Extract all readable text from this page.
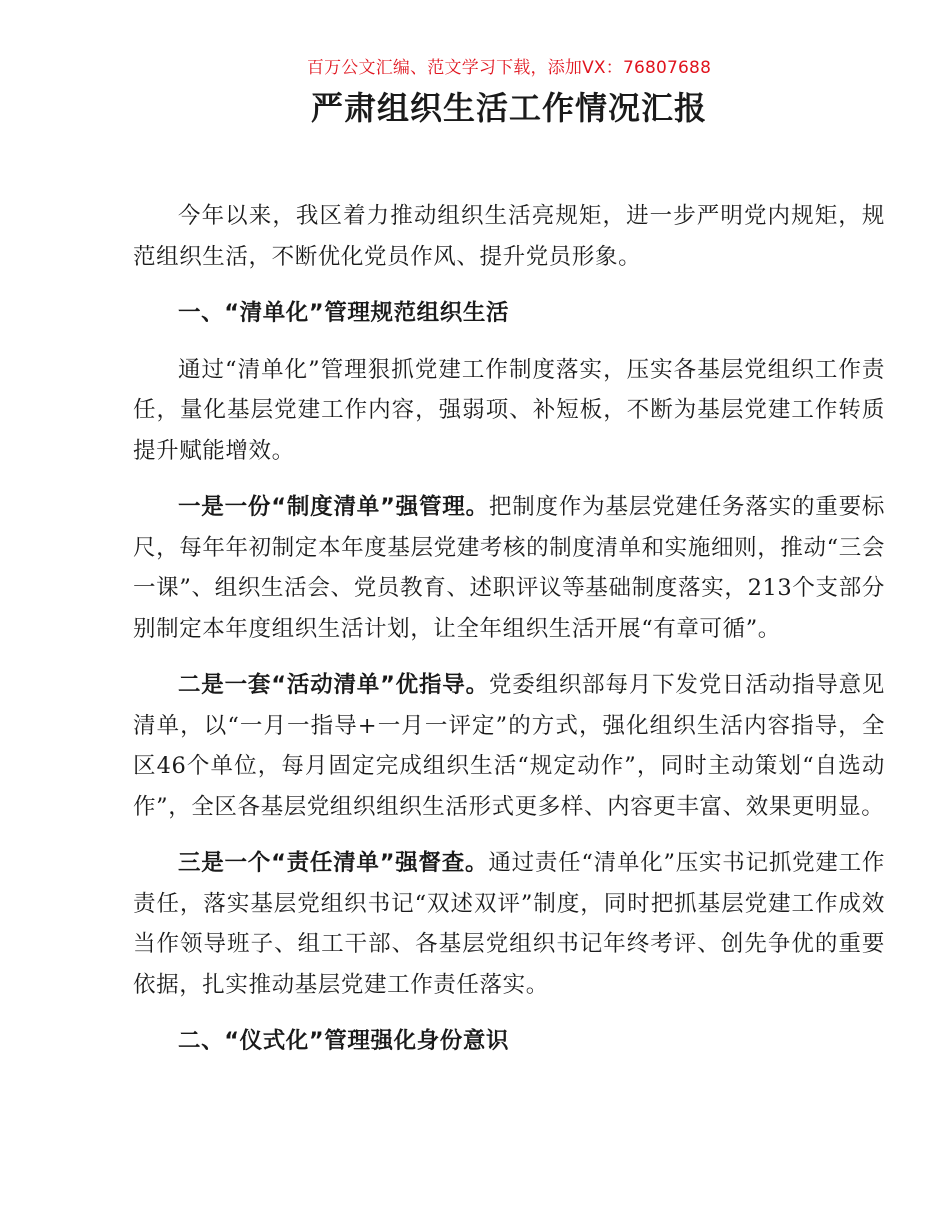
百万公文汇编、范文学习下载，添加VX：76807688
严肃组织生活工作情况汇报

今年以来，我区着力推动组织生活亮规矩，进一步严明党内规矩，规范组织生活，不断优化党员作风、提升党员形象。

一、“清单化”管理规范组织生活

通过“清单化”管理狠抓党建工作制度落实，压实各基层党组织工作责任，量化基层党建工作内容，强弱项、补短板，不断为基层党建工作转质提升赋能增效。

一是一份“制度清单”强管理。把制度作为基层党建任务落实的重要标尺，每年年初制定本年度基层党建考核的制度清单和实施细则，推动“三会一课”、组织生活会、党员教育、述职评议等基础制度落实，213个支部分别制定本年度组织生活计划，让全年组织生活开展“有章可循”。

二是一套“活动清单”优指导。党委组织部每月下发党日活动指导意见清单，以“一月一指导+一月一评定”的方式，强化组织生活内容指导，全区46个单位，每月固定完成组织生活“规定动作”，同时主动策划“自选动作”，全区各基层党组织组织生活形式更多样、内容更丰富、效果更明显。

三是一个“责任清单”强督查。通过责任“清单化”压实书记抓党建工作责任，落实基层党组织书记“双述双评”制度，同时把抓基层党建工作成效当作领导班子、组工干部、各基层党组织书记年终考评、创先争优的重要依据，扎实推动基层党建工作责任落实。

二、“仪式化”管理强化身份意识
